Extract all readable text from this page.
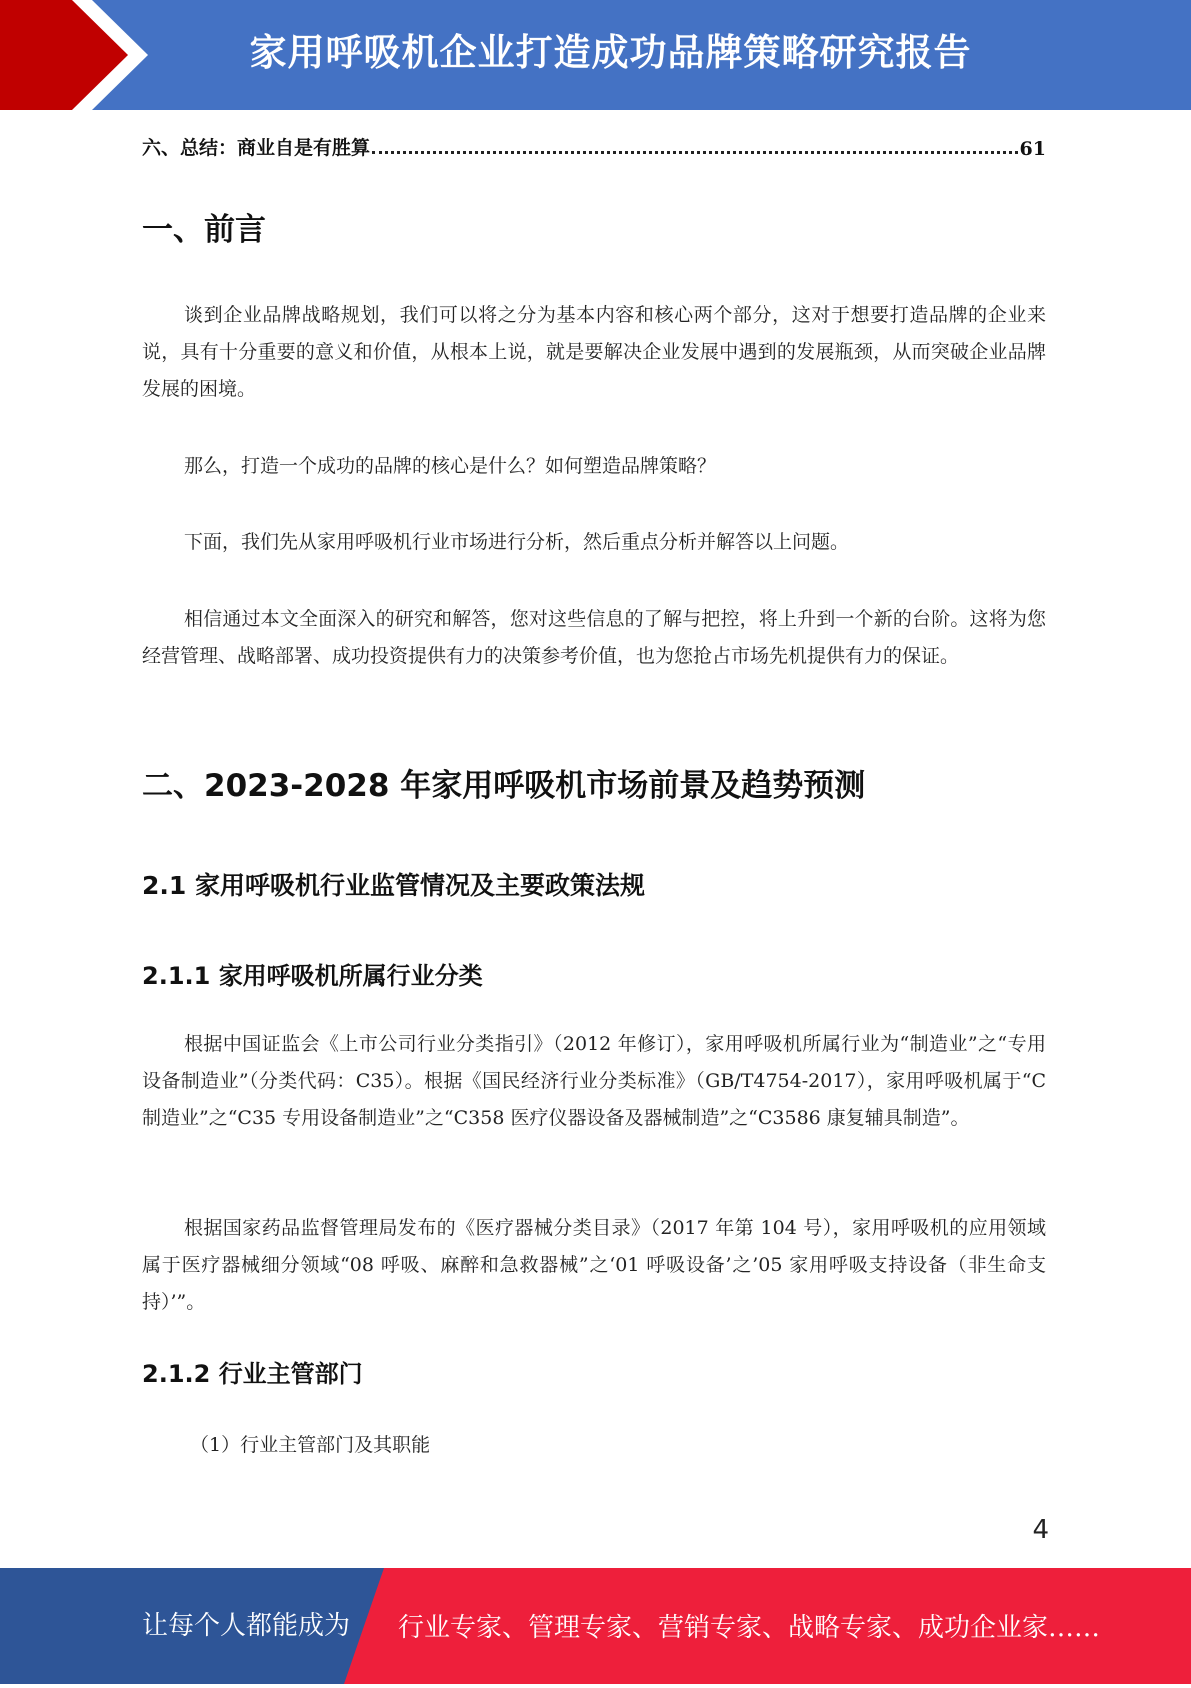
家用呼吸机企业打造成功品牌策略研究报告
六、总结：商业自是有胜算	61
一、前言

谈到企业品牌战略规划，我们可以将之分为基本内容和核心两个部分，这对于想要打造品牌的企业来说，具有十分重要的意义和价值，从根本上说，就是要解决企业发展中遇到的发展瓶颈，从而突破企业品牌发展的困境。

那么，打造一个成功的品牌的核心是什么？如何塑造品牌策略？

下面，我们先从家用呼吸机行业市场进行分析，然后重点分析并解答以上问题。

相信通过本文全面深入的研究和解答，您对这些信息的了解与把控，将上升到一个新的台阶。这将为您经营管理、战略部署、成功投资提供有力的决策参考价值，也为您抢占市场先机提供有力的保证。

二、2023-2028 年家用呼吸机市场前景及趋势预测
2.1 家用呼吸机行业监管情况及主要政策法规
2.1.1 家用呼吸机所属行业分类

根据中国证监会《上市公司行业分类指引》（2012 年修订），家用呼吸机所属行业为“制造业”之“专用设备制造业”（分类代码：C35）。根据《国民经济行业分类标准》（GB/T4754-2017），家用呼吸机属于“C 制造业”之“C35 专用设备制造业”之“C358 医疗仪器设备及器械制造”之“C3586 康复辅具制造”。

根据国家药品监督管理局发布的《医疗器械分类目录》（2017 年第 104 号），家用呼吸机的应用领域属于医疗器械细分领域“08 呼吸、麻醉和急救器械”之‘01 呼吸设备’之’05 家用呼吸支持设备（非生命支持）’”。

2.1.2 行业主管部门

（1）行业主管部门及其职能

4
让每个人都能成为 行业专家、管理专家、营销专家、战略专家、成功企业家……
